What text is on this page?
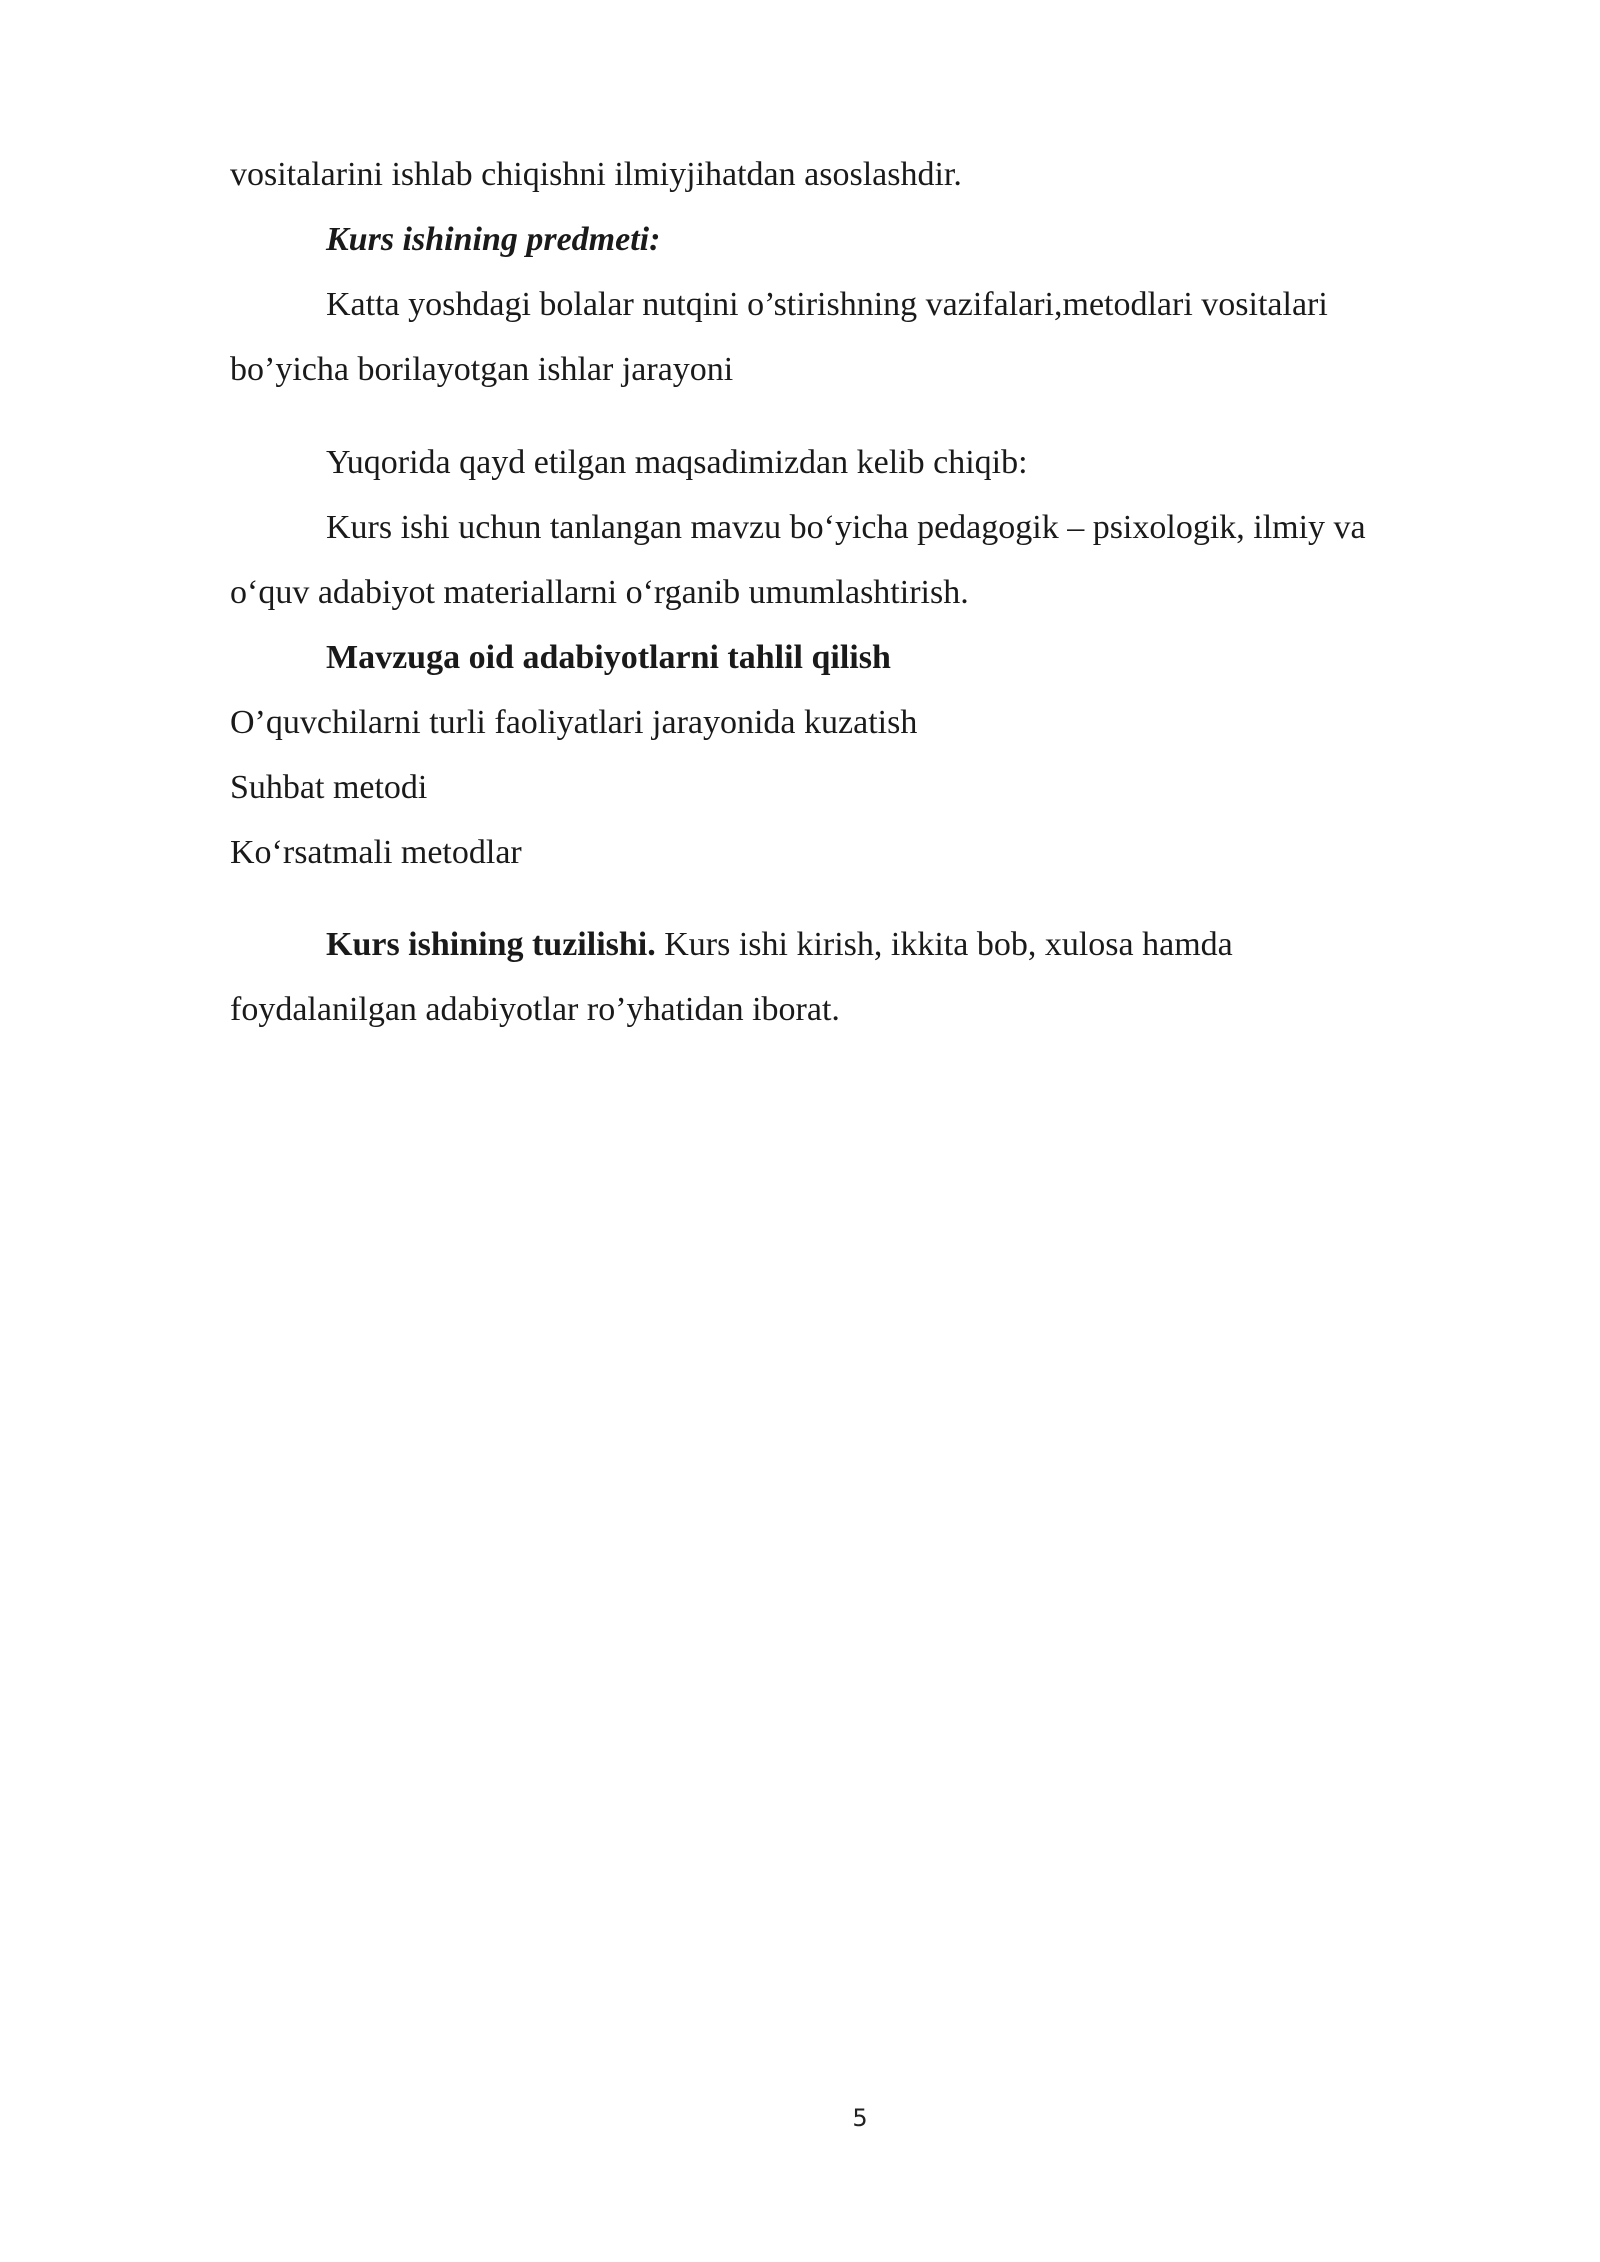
vositalarini ishlab chiqishni ilmiyjihatdan asoslashdir.
Kurs ishining predmeti:
Katta yoshdagi bolalar nutqini o’stirishning vazifalari,metodlari vositalari
bo’yicha borilayotgan ishlar jarayoni
Yuqorida qayd etilgan maqsadimizdan kelib chiqib:
Kurs ishi uchun tanlangan mavzu bo‘yicha pedagogik – psixologik, ilmiy va
o‘quv adabiyot materiallarni o‘rganib umumlashtirish.
Mavzuga oid adabiyotlarni tahlil qilish
O’quvchilarni turli faoliyatlari jarayonida kuzatish
Suhbat metodi
Ko‘rsatmali metodlar
Kurs ishining tuzilishi. Kurs ishi kirish, ikkita bob, xulosa hamda
foydalanilgan adabiyotlar ro’yhatidan iborat.
5
